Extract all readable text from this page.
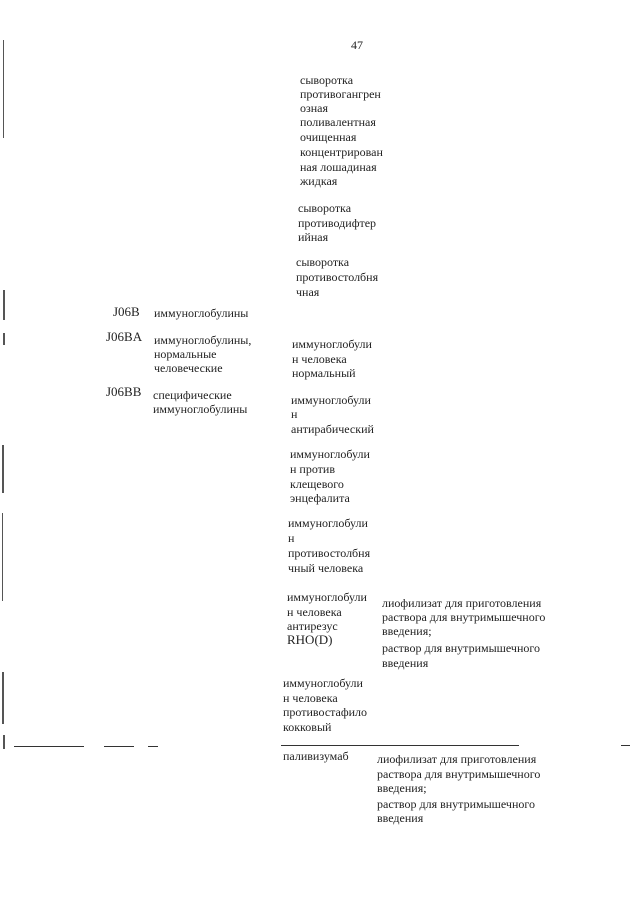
47
сыворотка
противогангрен
озная
поливалентная
очищенная
концентрирован
ная лошадиная
жидкая
сыворотка
противодифтер
ийная
сыворотка
противостолбня
чная
J06B иммуноглобулины
J06BA иммуноглобулины,
нормальные
человеческие
J06BB специфические
иммуноглобулины
иммуноглобули
н человека
нормальный
иммуноглобули
н
антирабический
иммуноглобули
н против
клещевого
энцефалита
иммуноглобули
н
противостолбня
чный человека
иммуноглобули
н человека
антирезус
RHO(D)
иммуноглобули
н человека
противостафило
кокковый
паливизумаб
лиофилизат для приготовления
раствора для внутримышечного
введения;
раствор для внутримышечного
введения
лиофилизат для приготовления
раствора для внутримышечного
введения;
раствор для внутримышечного
введения
